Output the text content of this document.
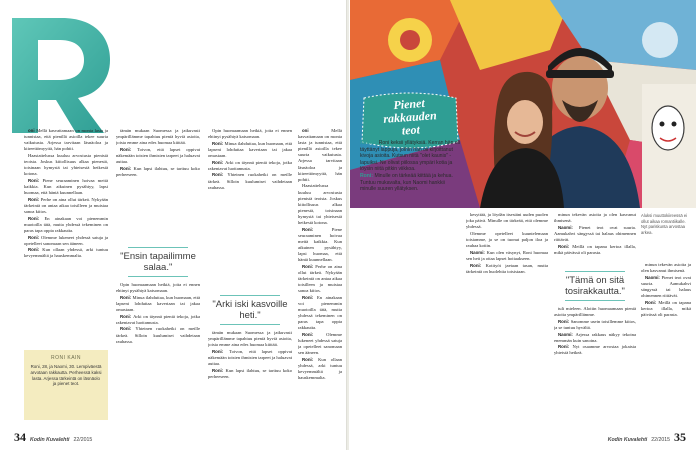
oni Mellä kasvattamaan on monta lasta ja tunnistaa, että pienillä asioilla tekee suurta vaikutusta. Arjessa tarvitaan läsnäoloa ja kiireettömyyttä, hän pohtii.

Haastattelussa kuuluu arvostusta pienistä teoista. Joskus kiitollisuus alkaa pienestä, toisinaan hymystä tai yhteisestä hetkestä kotona.

Roni: Piene seuraaminen hoivaa meitä kaikkia. Kun aikuinen pysähtyy, lapsi huomaa, että häntä kuunnellaan.

Roni: Perhe on aina ollut tärkeä. Nykyään tärkeintä on antaa aikaa toisilleen ja muistaa sanoa kiitos.

Roni: En ainakaan voi pienemmin muotoilla tätä, mutta yhdessä tekeminen on paras tapa oppia rakkautta.

Roni: Olemme lukeneet yhdessä satuja ja opetelleet sanomaan sen ääneen.

Roni: Kun ollaan yhdessä, arki tuntuu kevyemmältä ja hauskemmalta.

tämän mukaan Suomessa ja jatkuvasti ympärillämme tapahtuu pieniä hyviä asioita, joista emme aina edes huomaa kiittää.

Roni: Toivon, että lapset oppivat näkemään toisten ihmisten tarpeet ja haluavat auttaa.

Roni: Kun lapsi ilahtuu, se tarttuu koko perheeseen.

"Ensin tapailimme salaa."

Opin huomaamaan hetkiä, joita ei ennen ehtinyt pysähtyä katsomaan.

Roni: Minua ilahduttaa, kun huomaan, että lapseni lohduttaa kaveriaan tai jakaa omastaan.

Roni: Arki on täynnä pieniä tekoja, jotka rakentavat luottamusta.

Roni: Yhteinen ruokahetki on meille tärkeä. Silloin kuulumiset vaihdetaan rauhassa.

Opin huomaamaan hetkiä, joita ei ennen ehtinyt pysähtyä katsomaan.

Roni: Minua ilahduttaa, kun huomaan, että lapseni lohduttaa kaveriaan tai jakaa omastaan.

Roni: Arki on täynnä pieniä tekoja, jotka rakentavat luottamusta.

Roni: Yhteinen ruokahetki on meille tärkeä. Silloin kuulumiset vaihdetaan rauhassa.

"Arki iski kasvoille heti."

tämän mukaan Suomessa ja jatkuvasti ympärillämme tapahtuu pieniä hyviä asioita, joista emme aina edes huomaa kiittää.

Roni: Toivon, että lapset oppivat näkemään toisten ihmisten tarpeet ja haluavat auttaa.

Roni: Kun lapsi ilahtuu, se tarttuu koko perheeseen.

oni Mellä kasvattamaan on monta lasta ja tunnistaa, että pienillä asioilla tekee suurta vaikutusta. Arjessa tarvitaan läsnäoloa ja kiireettömyyttä, hän pohtii.

Haastattelussa kuuluu arvostusta pienistä teoista. Joskus kiitollisuus alkaa pienestä, toisinaan hymystä tai yhteisestä hetkestä kotona.

Roni: Piene seuraaminen hoivaa meitä kaikkia. Kun aikuinen pysähtyy, lapsi huomaa, että häntä kuunnellaan.

Roni: Perhe on aina ollut tärkeä. Nykyään tärkeintä on antaa aikaa toisilleen ja muistaa sanoa kiitos.

Roni: En ainakaan voi pienemmin muotoilla tätä, mutta yhdessä tekeminen on paras tapa oppia rakkautta.

Roni: Olemme lukeneet yhdessä satuja ja opetelleet sanomaan sen ääneen.

Roni: Kun ollaan yhdessä, arki tuntuu kevyemmältä ja hauskemmalta.

RONI KAIN
Roni, 28, ja Naomi, 30. Lempiväestä arvotaan rakkautta. Perheessä kaksi lasta. Arjessa tärkeintä on läsnäolo ja pienet teot.
34 Kodin Kuvalehti 22/2015
Pienet
rakkauden
teot
Naomi: Roni keksii yllätyksiä. Kerran hän oli täyttänyt lappuja, joihin hän oli kirjoittanut kivoja asioita. Kutsun niitä "olet kaunis" -lapuiksi. Ne olivat piilossa ympäri kotia ja löysin niitä pitkin viikkoa.
Roni: Minulle on tärkeää kiittää ja kehua. Tuntuu mukavalta, kun Naomi hankkii minulle suuren yllätyksen.
Aluksi muuttokiireessä ei ollut aikaa romantiikalle. Nyt pariskunta arvostaa arkea.

kesyttää, ja löydän itsestäni uuden puolen joka päivä. Minulle on tärkeää, että olemme yhdessä.

Olemme opetelleet kuuntelemaan toisiamme, ja se on tuonut paljon iloa ja rauhaa kotiin.

Naomi: Kun olen väsynyt, Roni huomaa sen heti ja ottaa lapset hoitaakseen.

Roni: Kotityöt jaetaan tasan, mutta tärkeintä on huolehtia toisistaan.

minun tekevän asioita ja olen kasvanut ihmisenä.

Naomi: Pienet teot ovat suuria. Aamukahvi sängyssä tai halaus ohimennen riittävät.

Roni: Meillä on tapana kertoa illalla, mikä päivässä oli parasta.

"Tämä on sitä tosirakkautta."

tuli mieleen. Aloitin huomaamaan pieniä asioita ympärillämme.

Roni: Sanomme usein toisillemme kiitos, ja se tuntuu hyvältä.

Naomi: Arjessa rakkaus näkyy tekoina enemmän kuin sanoina.

Roni: Nyt osaamme arvostaa jokaista yhteistä hetkeä.

minun tekevän asioita ja olen kasvanut ihmisenä.

Naomi: Pienet teot ovat suuria. Aamukahvi sängyssä tai halaus ohimennen riittävät.

Roni: Meillä on tapana kertoa illalla, mikä päivässä oli parasta.

Kodin Kuvalehti 22/2015 35
